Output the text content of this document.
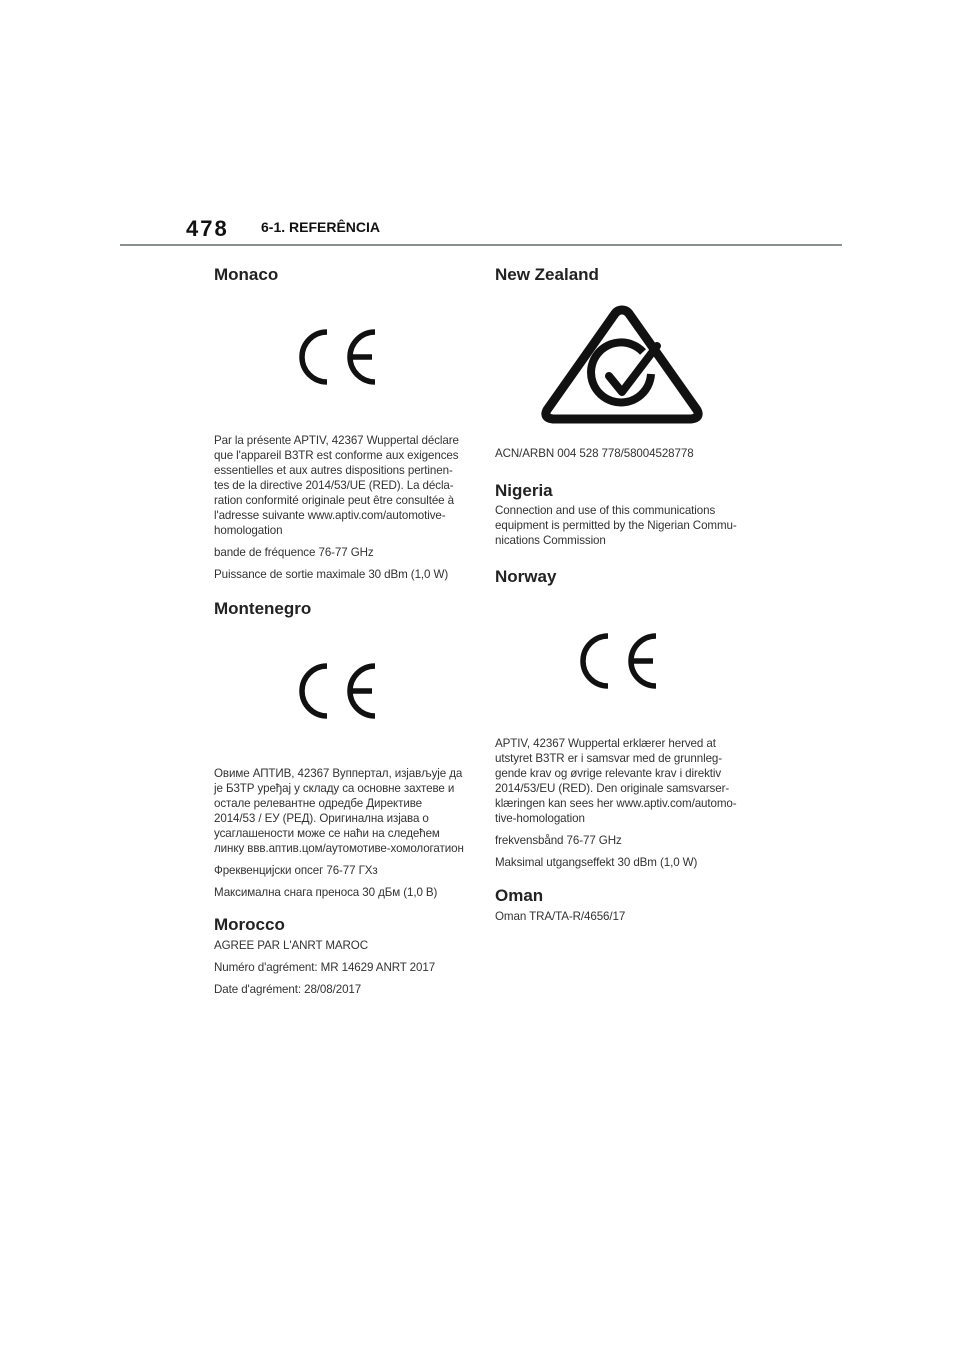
478 6-1. REFERÊNCIA
Monaco

Par la présente APTIV, 42367 Wuppertal déclare que l'appareil B3TR est conforme aux exigences essentielles et aux autres dispositions pertinen-tes de la directive 2014/53/UE (RED). La décla-ration conformité originale peut être consultée à l'adresse suivante www.aptiv.com/automotive-homologation

bande de fréquence 76-77 GHz

Puissance de sortie maximale 30 dBm (1,0 W)

Montenegro

Овиме АПТИВ, 42367 Вуппертал, изјављује да је Б3ТР уређај у складу са основне захтеве и остале релевантне одредбе Директиве 2014/53 / ЕУ (РЕД). Оригинална изјава о усаглашености може се наћи на следећем линку ввв.аптив.цом/аутомотиве-хомологатион

Фреквенцијски опсег 76-77 ГХз

Максимална снага преноса 30 дБм (1,0 В)

Morocco

AGREE PAR L'ANRT MAROC

Numéro d'agrément: MR 14629 ANRT 2017

Date d'agrément: 28/08/2017

New Zealand

ACN/ARBN 004 528 778/58004528778

Nigeria

Connection and use of this communications equipment is permitted by the Nigerian Commu-nications Commission

Norway

APTIV, 42367 Wuppertal erklærer herved at utstyret B3TR er i samsvar med de grunnleg-gende krav og øvrige relevante krav i direktiv 2014/53/EU (RED). Den originale samsvarser-klæringen kan sees her www.aptiv.com/automo-tive-homologation

frekvensbånd 76-77 GHz

Maksimal utgangseffekt 30 dBm (1,0 W)

Oman

Oman TRA/TA-R/4656/17
